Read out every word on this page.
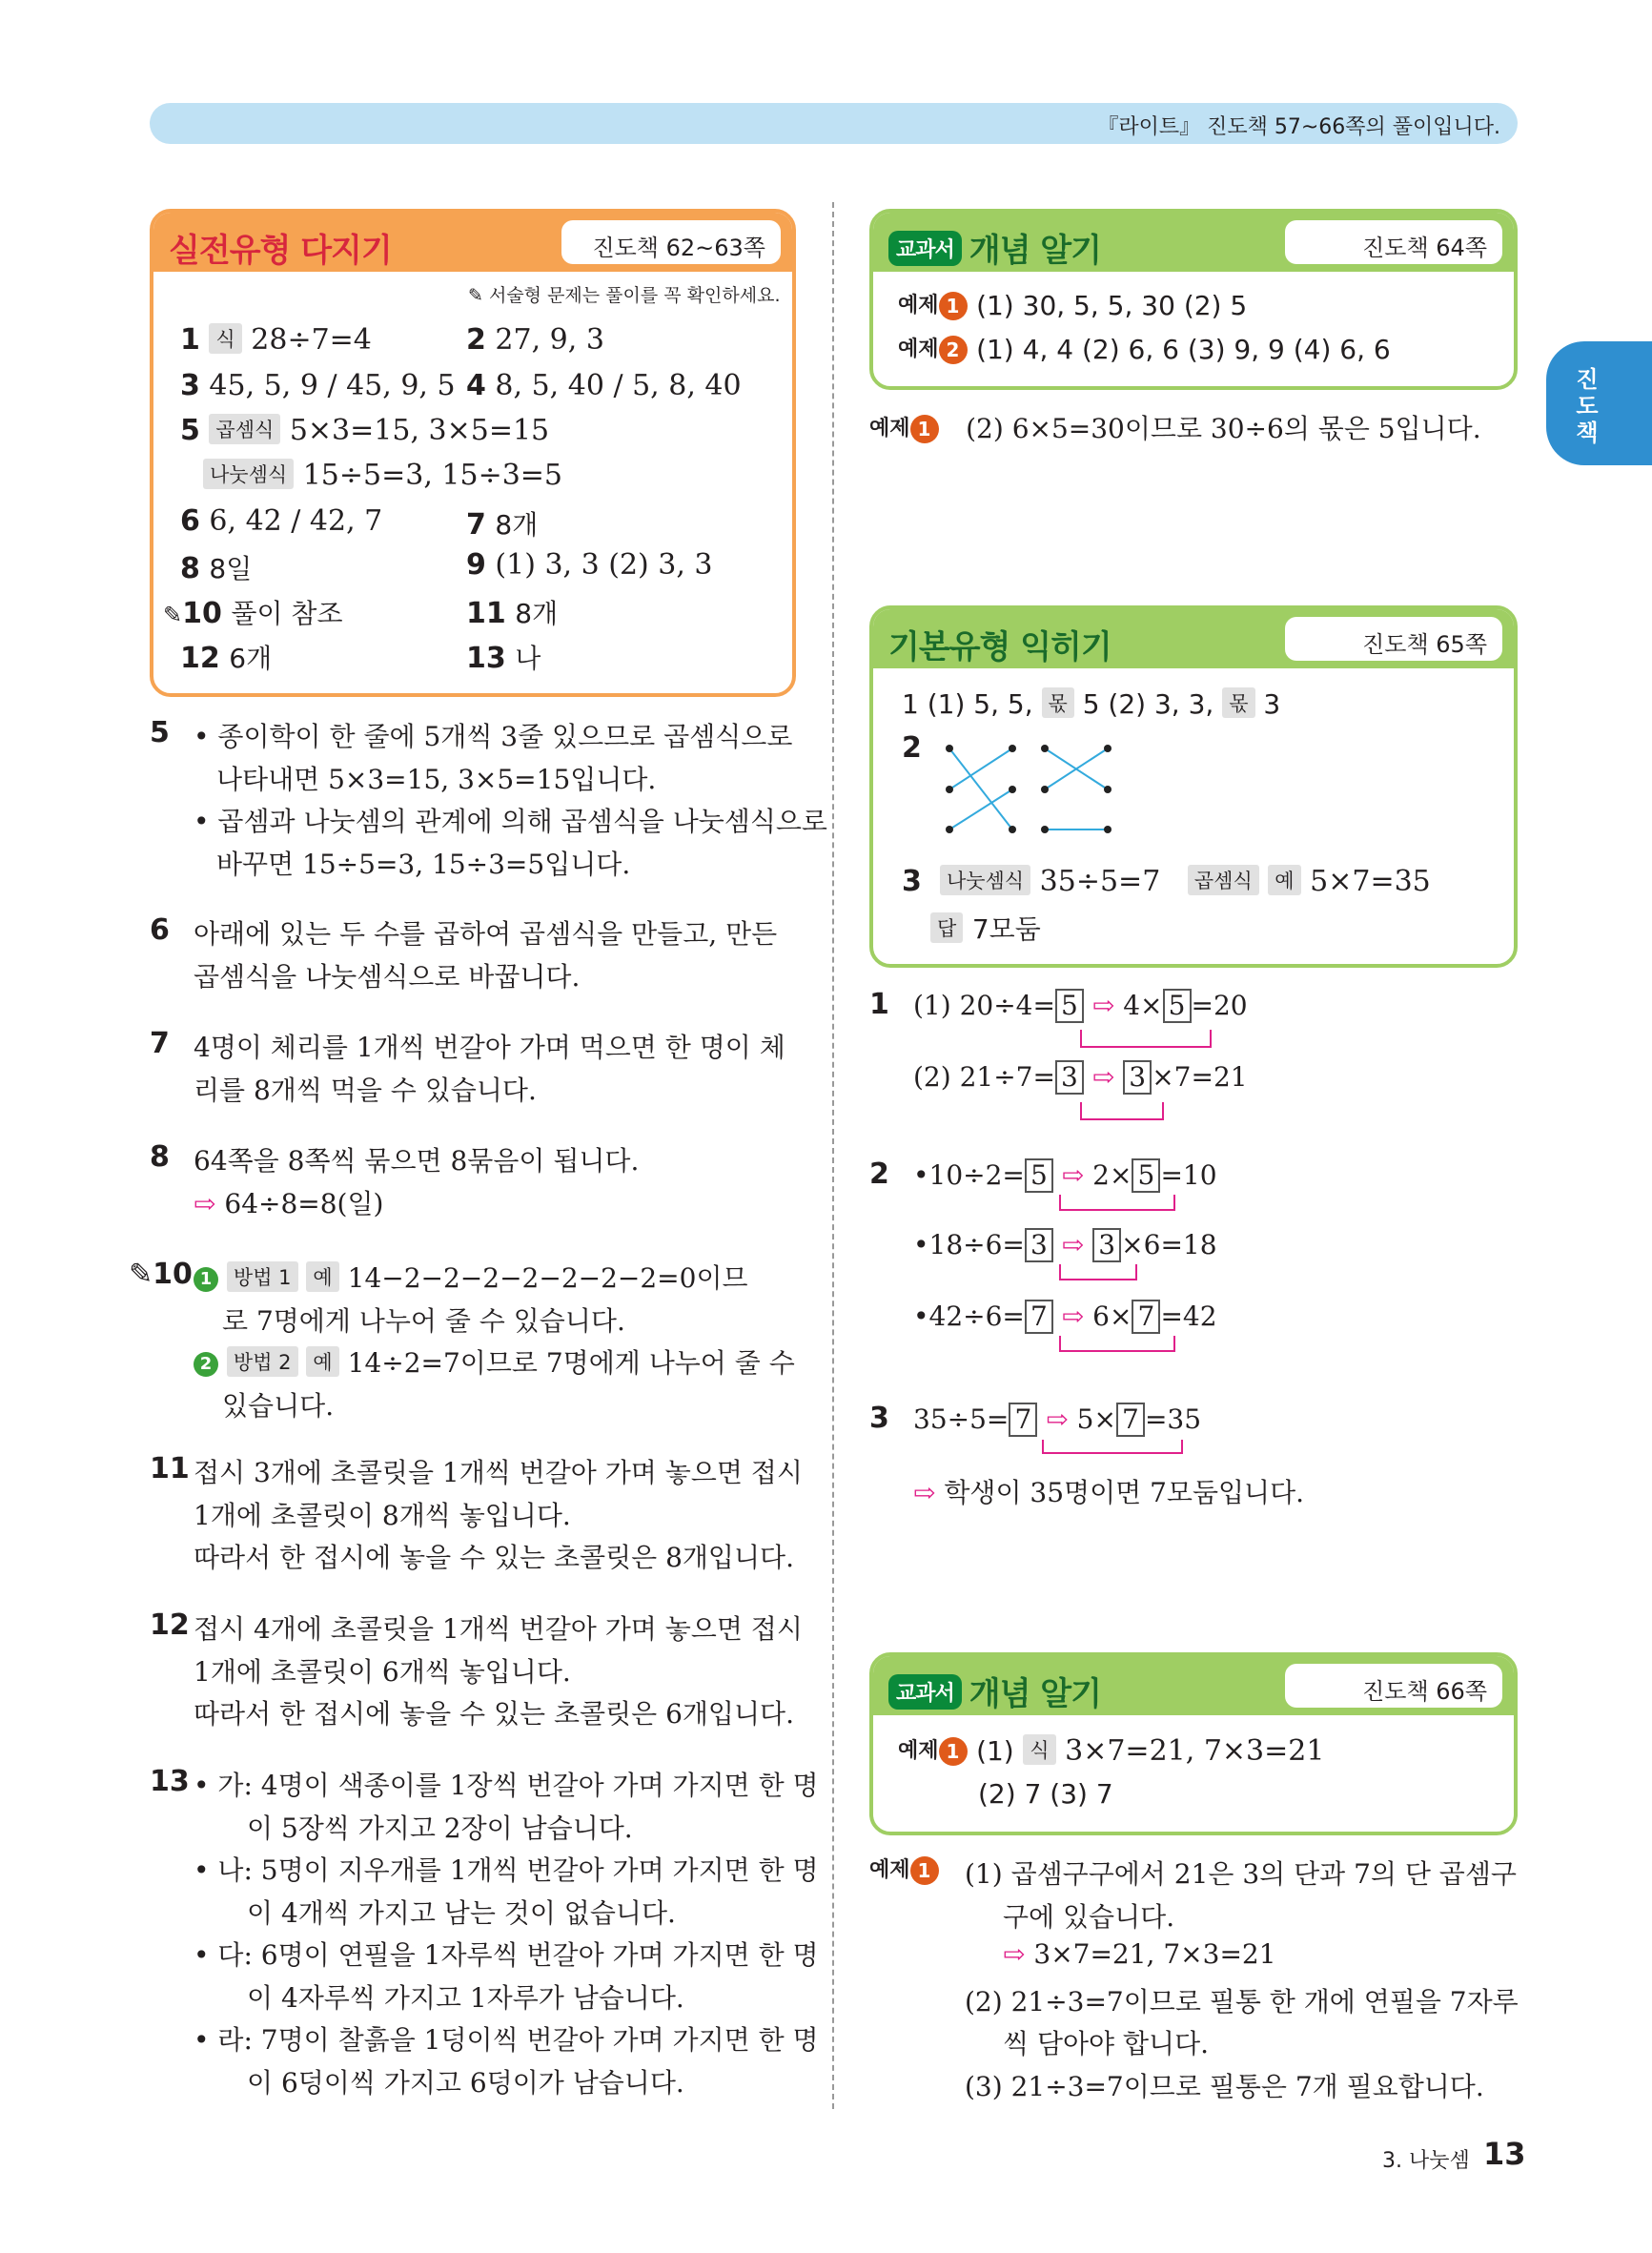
『라이트』 진도책 57~66쪽의 풀이입니다.
진도책
실전유형 다지기	진도책 62~63쪽
✎ 서술형 문제는 풀이를 꼭 확인하세요.
1 식 28÷7=4	2 27, 9, 3
3 45, 5, 9 / 45, 9, 5 4 8, 5, 40 / 5, 8, 40
5 곱셈식 5×3=15, 3×5=15
나눗셈식 15÷5=3, 15÷3=5
6 6, 42 / 42, 7	7 8개
8 8일	9 (1) 3, 3 (2) 3, 3
✎10 풀이 참조	11 8개
12 6개	13 나
5 • 종이학이 한 줄에 5개씩 3줄 있으므로 곱셈식으로
나타내면 5×3=15, 3×5=15입니다.
• 곱셈과 나눗셈의 관계에 의해 곱셈식을 나눗셈식으로
바꾸면 15÷5=3, 15÷3=5입니다.
6 아래에 있는 두 수를 곱하여 곱셈식을 만들고, 만든
곱셈식을 나눗셈식으로 바꿉니다.
7 4명이 체리를 1개씩 번갈아 가며 먹으면 한 명이 체
리를 8개씩 먹을 수 있습니다.
8 64쪽을 8쪽씩 묶으면 8묶음이 됩니다.
⇨ 64÷8=8(일)
11 접시 3개에 초콜릿을 1개씩 번갈아 가며 놓으면 접시
1개에 초콜릿이 8개씩 놓입니다.
따라서 한 접시에 놓을 수 있는 초콜릿은 8개입니다.
12 접시 4개에 초콜릿을 1개씩 번갈아 가며 놓으면 접시
1개에 초콜릿이 6개씩 놓입니다.
따라서 한 접시에 놓을 수 있는 초콜릿은 6개입니다.
13 • 가: 4명이 색종이를 1장씩 번갈아 가며 가지면 한 명
이 5장씩 가지고 2장이 남습니다.
• 나: 5명이 지우개를 1개씩 번갈아 가며 가지면 한 명
이 4개씩 가지고 남는 것이 없습니다.
• 다: 6명이 연필을 1자루씩 번갈아 가며 가지면 한 명
이 4자루씩 가지고 1자루가 남습니다.
• 라: 7명이 찰흙을 1덩이씩 번갈아 가며 가지면 한 명
이 6덩이씩 가지고 6덩이가 남습니다.
✎10 1 방법 1 예 14−2−2−2−2−2−2−2=0이므
로 7명에게 나누어 줄 수 있습니다.
2 방법 2 예 14÷2=7이므로 7명에게 나누어 줄 수
있습니다.
교과서 개념 알기	진도책 64쪽
예제 1 (1) 30, 5, 5, 30 (2) 5
예제 2 (1) 4, 4 (2) 6, 6 (3) 9, 9 (4) 6, 6
예제 1 (2) 6×5=30이므로 30÷6의 몫은 5입니다.
기본유형 익히기	진도책 65쪽
1 (1) 5, 5, 몫 5 (2) 3, 3, 몫 3
2
3 나눗셈식 35÷5=7 곱셈식 예 5×7=35
답 7모둠
1 (1) 20÷4= 5 ⇨ 4× 5 =20
(2) 21÷7= 3 ⇨ 3 ×7=21
2 •10÷2= 5 ⇨ 2× 5 =10
•18÷6= 3 ⇨ 3 ×6=18
•42÷6= 7 ⇨ 6× 7 =42
3 35÷5= 7 ⇨ 5× 7 =35
⇨ 학생이 35명이면 7모둠입니다.
교과서 개념 알기	진도책 66쪽
예제 1 (1) 식 3×7=21, 7×3=21
(2) 7 (3) 7
예제 1 (1) 곱셈구구에서 21은 3의 단과 7의 단 곱셈구
구에 있습니다.
⇨ 3×7=21, 7×3=21
(2) 21÷3=7이므로 필통 한 개에 연필을 7자루
씩 담아야 합니다.
(3) 21÷3=7이므로 필통은 7개 필요합니다.
3. 나눗셈 13
